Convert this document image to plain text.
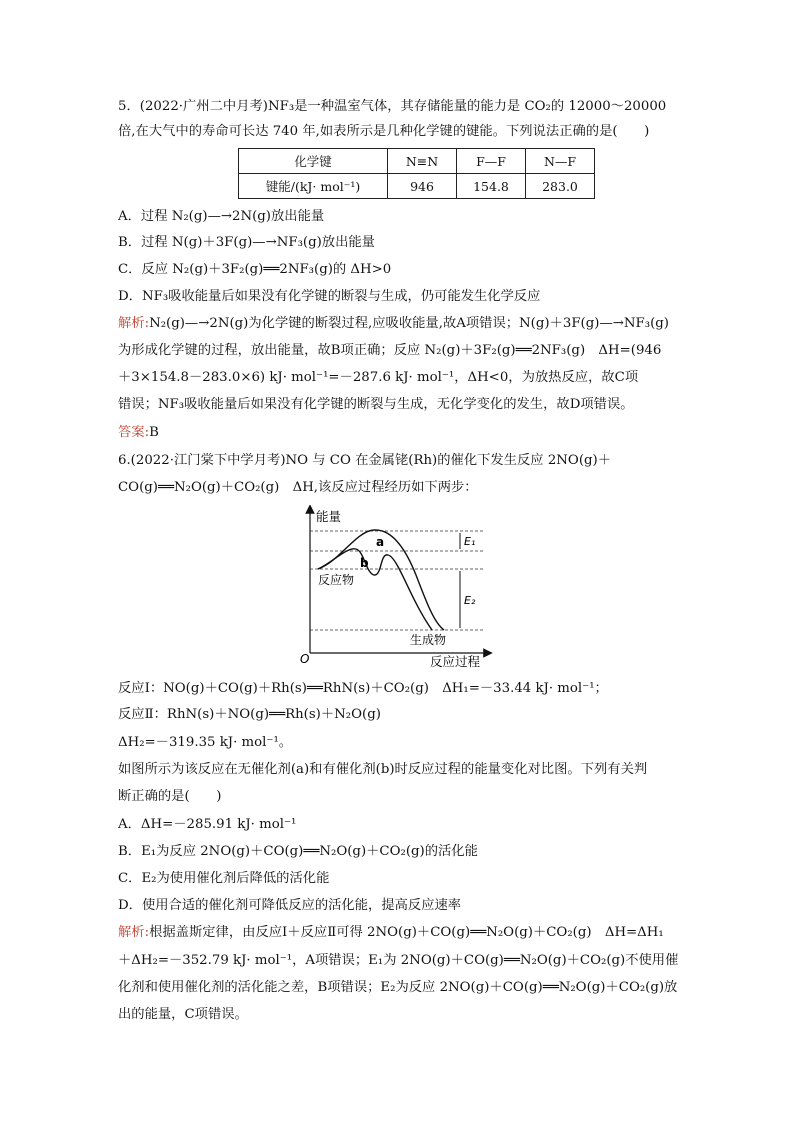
5．(2022·广州二中月考)NF₃是一种温室气体，其存储能量的能力是 CO₂的 12000～20000
倍,在大气中的寿命可长达 740 年,如表所示是几种化学键的键能。下列说法正确的是(　　)
化学键	N≡N	F—F	N—F
键能/(kJ· mol⁻¹)	946	154.8	283.0
A．过程 N₂(g)—→2N(g)放出能量
B．过程 N(g)＋3F(g)—→NF₃(g)放出能量
C．反应 N₂(g)＋3F₂(g)══2NF₃(g)的 ΔH>0
D．NF₃吸收能量后如果没有化学键的断裂与生成，仍可能发生化学反应
解析:N₂(g)—→2N(g)为化学键的断裂过程,应吸收能量,故A项错误；N(g)＋3F(g)—→NF₃(g)
为形成化学键的过程，放出能量，故B项正确；反应 N₂(g)＋3F₂(g)══2NF₃(g)　ΔH=(946
＋3×154.8－283.0×6) kJ· mol⁻¹=－287.6 kJ· mol⁻¹，ΔH<0，为放热反应，故C项
错误；NF₃吸收能量后如果没有化学键的断裂与生成，无化学变化的发生，故D项错误。
答案:B
6.(2022·江门棠下中学月考)NO 与 CO 在金属铑(Rh)的催化下发生反应 2NO(g)＋
CO(g)══N₂O(g)＋CO₂(g)　ΔH,该反应过程经历如下两步：
能量
反应过程
O
a
b
反应物
生成物
E₁
E₂
反应Ⅰ：NO(g)＋CO(g)＋Rh(s)══RhN(s)＋CO₂(g)　ΔH₁=－33.44 kJ· mol⁻¹；
反应Ⅱ：RhN(s)＋NO(g)══Rh(s)＋N₂O(g)
ΔH₂=－319.35 kJ· mol⁻¹。
如图所示为该反应在无催化剂(a)和有催化剂(b)时反应过程的能量变化对比图。下列有关判
断正确的是(　　)
A．ΔH=－285.91 kJ· mol⁻¹
B．E₁为反应 2NO(g)＋CO(g)══N₂O(g)＋CO₂(g)的活化能
C．E₂为使用催化剂后降低的活化能
D．使用合适的催化剂可降低反应的活化能，提高反应速率
解析:根据盖斯定律，由反应Ⅰ＋反应Ⅱ可得 2NO(g)＋CO(g)══N₂O(g)＋CO₂(g)　ΔH=ΔH₁
＋ΔH₂=－352.79 kJ· mol⁻¹，A项错误；E₁为 2NO(g)＋CO(g)══N₂O(g)＋CO₂(g)不使用催
化剂和使用催化剂的活化能之差，B项错误；E₂为反应 2NO(g)＋CO(g)══N₂O(g)＋CO₂(g)放
出的能量，C项错误。
